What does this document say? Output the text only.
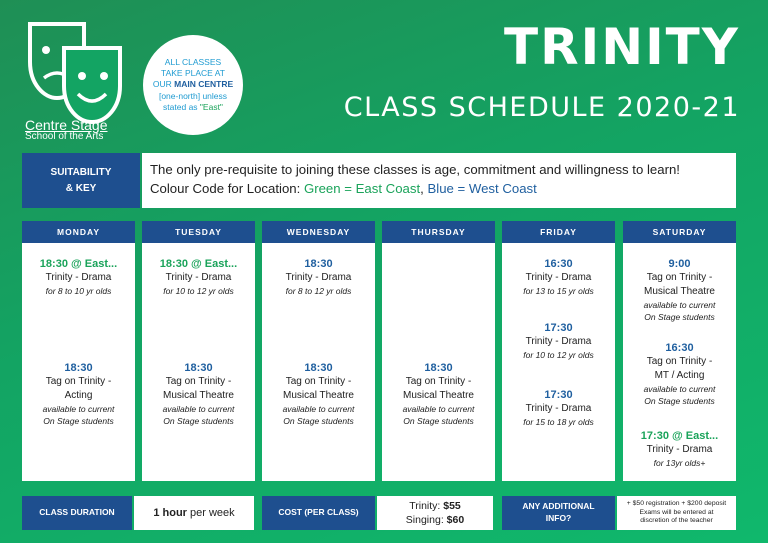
Centre Stage
School of the Arts
ALL CLASSES
TAKE PLACE AT
OUR MAIN CENTRE
[one-north] unless
stated as "East"
TRINITY
CLASS SCHEDULE 2020-21
SUITABILITY
& KEY
The only pre-requisite to joining these classes is age, commitment and willingness to learn!
Colour Code for Location: Green = East Coast, Blue = West Coast
MONDAY
18:30 @ East...
Trinity - Drama
for 8 to 10 yr olds
18:30
Tag on Trinity -
Acting
available to current
On Stage students
TUESDAY
18:30 @ East...
Trinity - Drama
for 10 to 12 yr olds
18:30
Tag on Trinity -
Musical Theatre
available to current
On Stage students
WEDNESDAY
18:30
Trinity - Drama
for 8 to 12 yr olds
18:30
Tag on Trinity -
Musical Theatre
available to current
On Stage students
THURSDAY
18:30
Tag on Trinity -
Musical Theatre
available to current
On Stage students
FRIDAY
16:30
Trinity - Drama
for 13 to 15 yr olds
17:30
Trinity - Drama
for 10 to 12 yr olds
17:30
Trinity - Drama
for 15 to 18 yr olds
SATURDAY
9:00
Tag on Trinity -
Musical Theatre
available to current
On Stage students
16:30
Tag on Trinity -
MT / Acting
available to current
On Stage students
17:30 @ East...
Trinity - Drama
for 13yr olds+
CLASS DURATION	1 hour per week	COST (PER CLASS)
Trinity: $55
Singing: $60
ANY ADDITIONAL
INFO?
+ $50 registration + $200 deposit
Exams will be entered at
discretion of the teacher
